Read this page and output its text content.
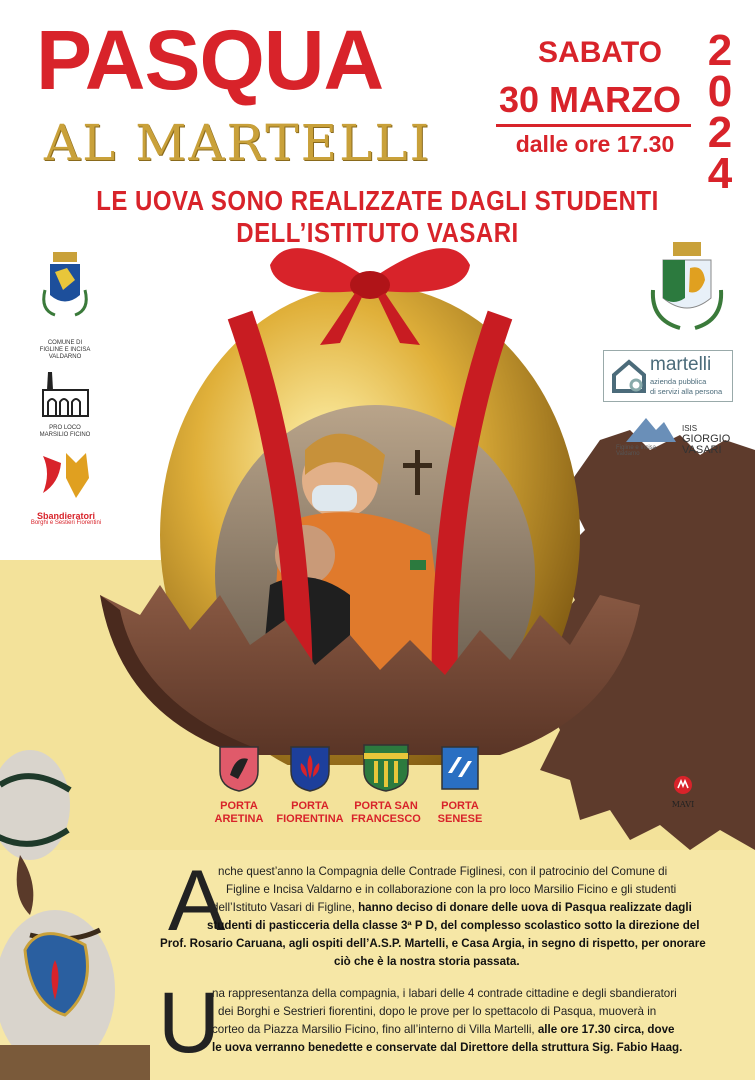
PASQUA
AL MARTELLI
SABATO
30 MARZO
dalle ore 17.30
2
0
2
4
LE UOVA SONO REALIZZATE DAGLI STUDENTI DELL’ISTITUTO VASARI
COMUNE DI
FIGLINE E INCISA
VALDARNO
PRO LOCO
MARSILIO FICINO
Sbandieratori
Borghi e Sestieri Fiorentini
martelli
azienda pubblica
di servizi alla persona
ISIS
GIORGIO
VASARI
Figline e Incisa Valdarno
PORTA
ARETINA
PORTA
FIORENTINA
PORTA SAN
FRANCESCO
PORTA
SENESE
MAVI
A
nche quest’anno la Compagnia delle Contrade Figlinesi, con il patrocinio del Comune di
Figline e Incisa Valdarno e in collaborazione con la pro loco Marsilio Ficino e gli studenti
dell’Istituto Vasari di Figline, hanno deciso di donare delle uova di Pasqua realizzate dagli
studenti di pasticceria della classe 3ª P D, del complesso scolastico sotto la direzione del
Prof. Rosario Caruana, agli ospiti dell’A.S.P. Martelli, e Casa Argia, in segno di rispetto, per onorare
ciò che è la nostra storia passata.
U
na rappresentanza della compagnia, i labari delle 4 contrade cittadine e degli sbandieratori
dei Borghi e Sestrieri fiorentini, dopo le prove per lo spettacolo di Pasqua, muoverà in
corteo da Piazza Marsilio Ficino, fino all’interno di Villa Martelli, alle ore 17.30 circa, dove
le uova verranno benedette e conservate dal Direttore della struttura Sig. Fabio Haag.
